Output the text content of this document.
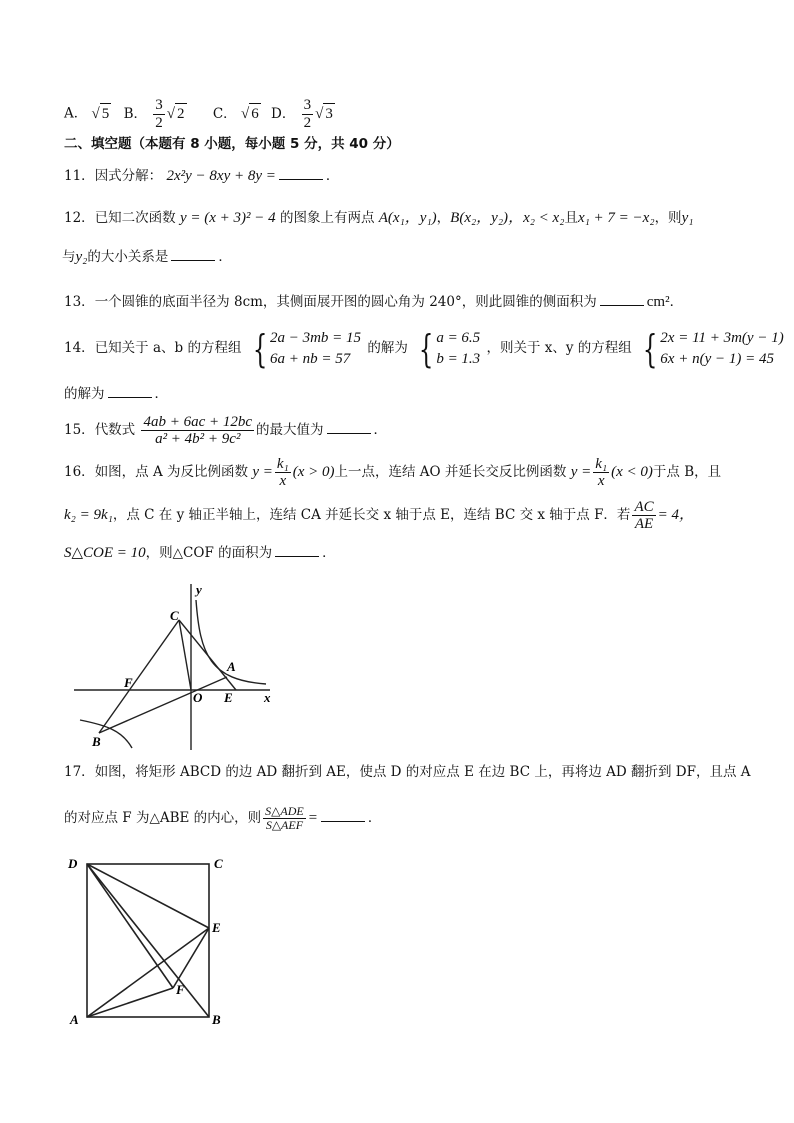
A． √ 5 B． $\frac{3}{2}$ √ 2 C． √ 6 D． $\frac{3}{2}$ √ 3
二、填空题（本题有 8 小题，每小题 5 分，共 40 分）
11．因式分解： 2x²y − 8xy + 8y =	．
12．已知二次函数 y = (x + 3)² − 4 的图象上有两点 A(x₁，y₁)，B(x₂，y₂)，x₂ < x₂且x₁ + 7 = −x₂，则y₁
与y₂的大小关系是	．
13．一个圆锥的底面半径为 8cm，其侧面展开图的圆心角为 240°，则此圆锥的侧面积为	cm²．
14．已知关于 a、b 的方程组 { 2a − 3mb = 15
6a + nb = 57
的解为 { a = 6.5
b = 1.3
，则关于 x、y 的方程组 { 2x = 11 + 3m(y − 1)
6x + n(y − 1) = 45
的解为	．
15．代数式 $\frac{4ab + 6ac + 12bc}{\text{a² + 4b² + 9c²}}$ 的最大值为	．
16．如图，点 A 为反比例函数 $y = \frac{\text{k₁}}{x} (x > 0)$上一点，连结 AO 并延长交反比例函数 $y = \frac{\text{k₁}}{x} (x < 0)$于点 B，且
k₂ = 9k₁，点 C 在 y 轴正半轴上，连结 CA 并延长交 x 轴于点 E，连结 BC 交 x 轴于点 F．若 $\frac{AC}{AE} = 4$，
S△COE = 10，则△COF 的面积为	．
y
C
A
F
O E x
B
17．如图，将矩形 ABCD 的边 AD 翻折到 AE，使点 D 的对应点 E 在边 BC 上，再将边 AD 翻折到 DF，且点 A
的对应点 F 为△ABE 的内心，则 $\frac{\text{S△ADE}}{\text{S△AEF}}$ =	．
D	C
E
F
A	B
